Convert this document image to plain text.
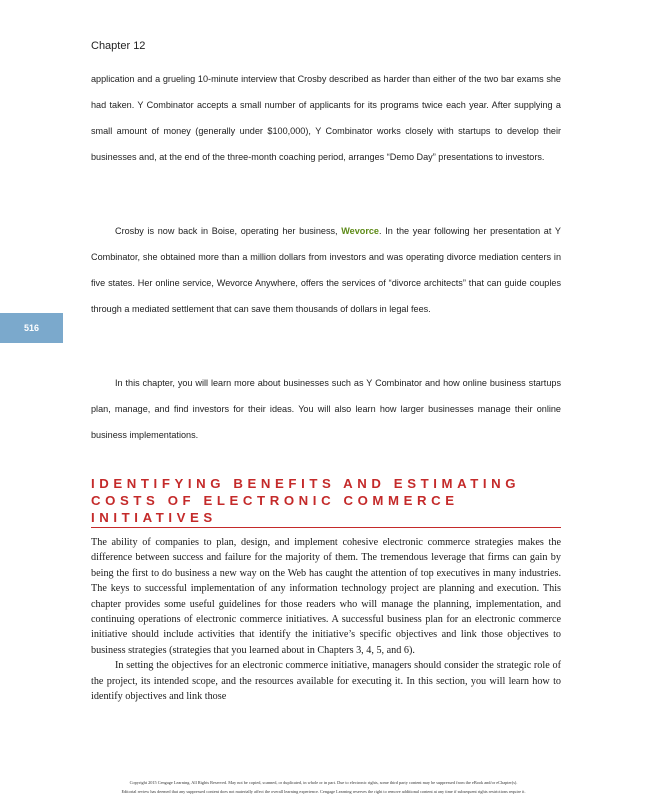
Chapter 12

application and a grueling 10-minute interview that Crosby described as harder than either of the two bar exams she had taken. Y Combinator accepts a small number of applicants for its programs twice each year. After supplying a small amount of money (generally under $100,000), Y Combinator works closely with startups to develop their businesses and, at the end of the three-month coaching period, arranges “Demo Day” presentations to investors.

Crosby is now back in Boise, operating her business, Wevorce. In the year following her presentation at Y Combinator, she obtained more than a million dollars from investors and was operating divorce mediation centers in five states. Her online service, Wevorce Anywhere, offers the services of “divorce architects” that can guide couples through a mediated settlement that can save them thousands of dollars in legal fees.

516

In this chapter, you will learn more about businesses such as Y Combinator and how online business startups plan, manage, and find investors for their ideas. You will also learn how larger businesses manage their online business implementations.

IDENTIFYING BENEFITS AND ESTIMATING COSTS OF ELECTRONIC COMMERCE INITIATIVES

The ability of companies to plan, design, and implement cohesive electronic commerce strategies makes the difference between success and failure for the majority of them. The tremendous leverage that firms can gain by being the first to do business a new way on the Web has caught the attention of top executives in many industries. The keys to successful implementation of any information technology project are planning and execution. This chapter provides some useful guidelines for those readers who will manage the planning, implementation, and continuing operations of electronic commerce initiatives. A successful business plan for an electronic commerce initiative should include activities that identify the initiative’s specific objectives and link those objectives to business strategies (strategies that you learned about in Chapters 3, 4, 5, and 6).

In setting the objectives for an electronic commerce initiative, managers should consider the strategic role of the project, its intended scope, and the resources available for executing it. In this section, you will learn how to identify objectives and link those

Copyright 2015 Cengage Learning. All Rights Reserved. May not be copied, scanned, or duplicated, in whole or in part. Due to electronic rights, some third party content may be suppressed from the eBook and/or eChapter(s).
Editorial review has deemed that any suppressed content does not materially affect the overall learning experience. Cengage Learning reserves the right to remove additional content at any time if subsequent rights restrictions require it.
